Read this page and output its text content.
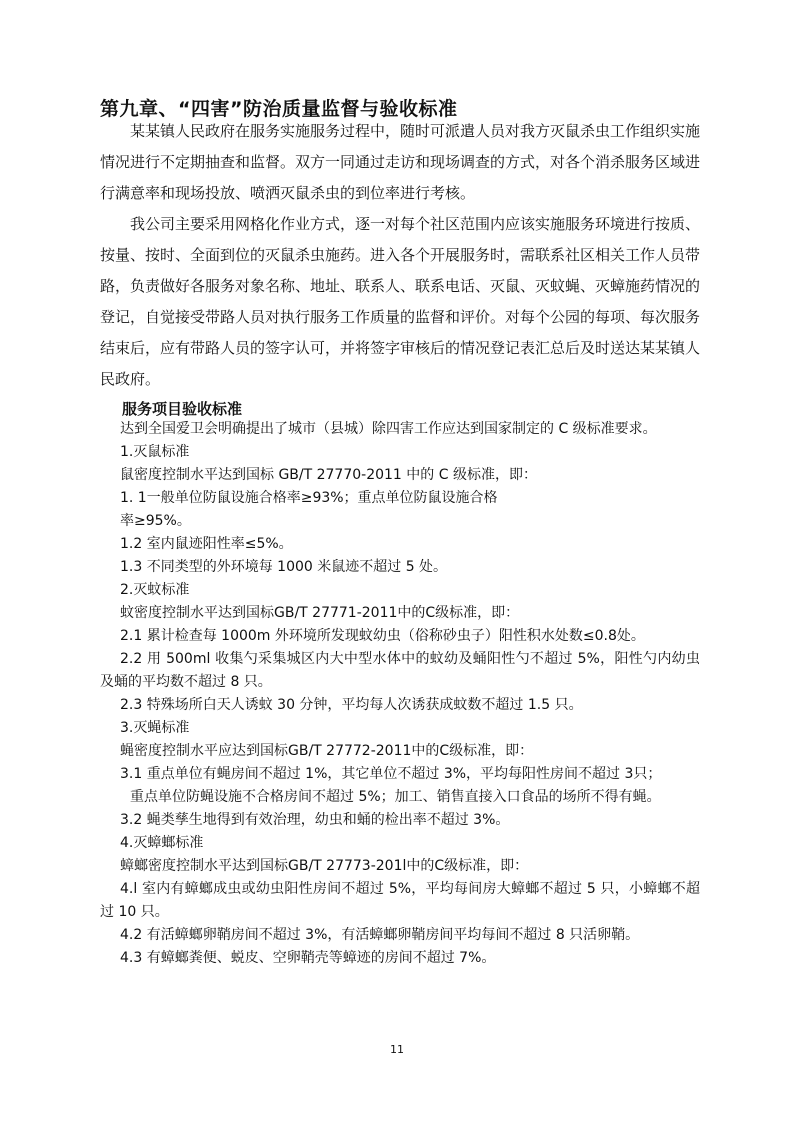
第九章、“四害”防治质量监督与验收标准

某某镇人民政府在服务实施服务过程中，随时可派遣人员对我方灭鼠杀虫工作组织实施情况进行不定期抽查和监督。双方一同通过走访和现场调查的方式，对各个消杀服务区域进行满意率和现场投放、喷洒灭鼠杀虫的到位率进行考核。

我公司主要采用网格化作业方式，逐一对每个社区范围内应该实施服务环境进行按质、按量、按时、全面到位的灭鼠杀虫施药。进入各个开展服务时，需联系社区相关工作人员带路，负责做好各服务对象名称、地址、联系人、联系电话、灭鼠、灭蚊蝇、灭蟑施药情况的登记，自觉接受带路人员对执行服务工作质量的监督和评价。对每个公园的每项、每次服务结束后，应有带路人员的签字认可，并将签字审核后的情况登记表汇总后及时送达某某镇人民政府。

服务项目验收标准

达到全国爱卫会明确提出了城市（县城）除四害工作应达到国家制定的 C 级标准要求。

1.灭鼠标准

鼠密度控制水平达到国标 GB/T 27770-2011 中的 C 级标准，即：

1. 1一般单位防鼠设施合格率≥93%；重点单位防鼠设施合格

率≥95%。

1.2 室内鼠迹阳性率≤5%。

1.3 不同类型的外环境每 1000 米鼠迹不超过 5 处。

2.灭蚊标准

蚊密度控制水平达到国标GB/T 27771-2011中的C级标准，即：

2.1 累计检查每 1000m 外环境所发现蚊幼虫（俗称砂虫子）阳性积水处数≤0.8处。

2.2 用 500ml 收集勺采集城区内大中型水体中的蚊幼及蛹阳性勺不超过 5%，阳性勺内幼虫及蛹的平均数不超过 8 只。

2.3 特殊场所白天人诱蚊 30 分钟，平均每人次诱获成蚊数不超过 1.5 只。

3.灭蝇标准

蝇密度控制水平应达到国标GB/T 27772-2011中的C级标准，即：

3.1 重点单位有蝇房间不超过 1%，其它单位不超过 3%，平均每阳性房间不超过 3只；

重点单位防蝇设施不合格房间不超过 5%；加工、销售直接入口食品的场所不得有蝇。

3.2 蝇类孳生地得到有效治理，幼虫和蛹的检出率不超过 3%。

4.灭蟑螂标准

蟑螂密度控制水平达到国标GB/T 27773-201l中的C级标准，即：

4.l 室内有蟑螂成虫或幼虫阳性房间不超过 5%，平均每间房大蟑螂不超过 5 只，小蟑螂不超过 10 只。

4.2 有活蟑螂卵鞘房间不超过 3%，有活蟑螂卵鞘房间平均每间不超过 8 只活卵鞘。

4.3 有蟑螂粪便、蜕皮、空卵鞘壳等蟑迹的房间不超过 7%。

11
